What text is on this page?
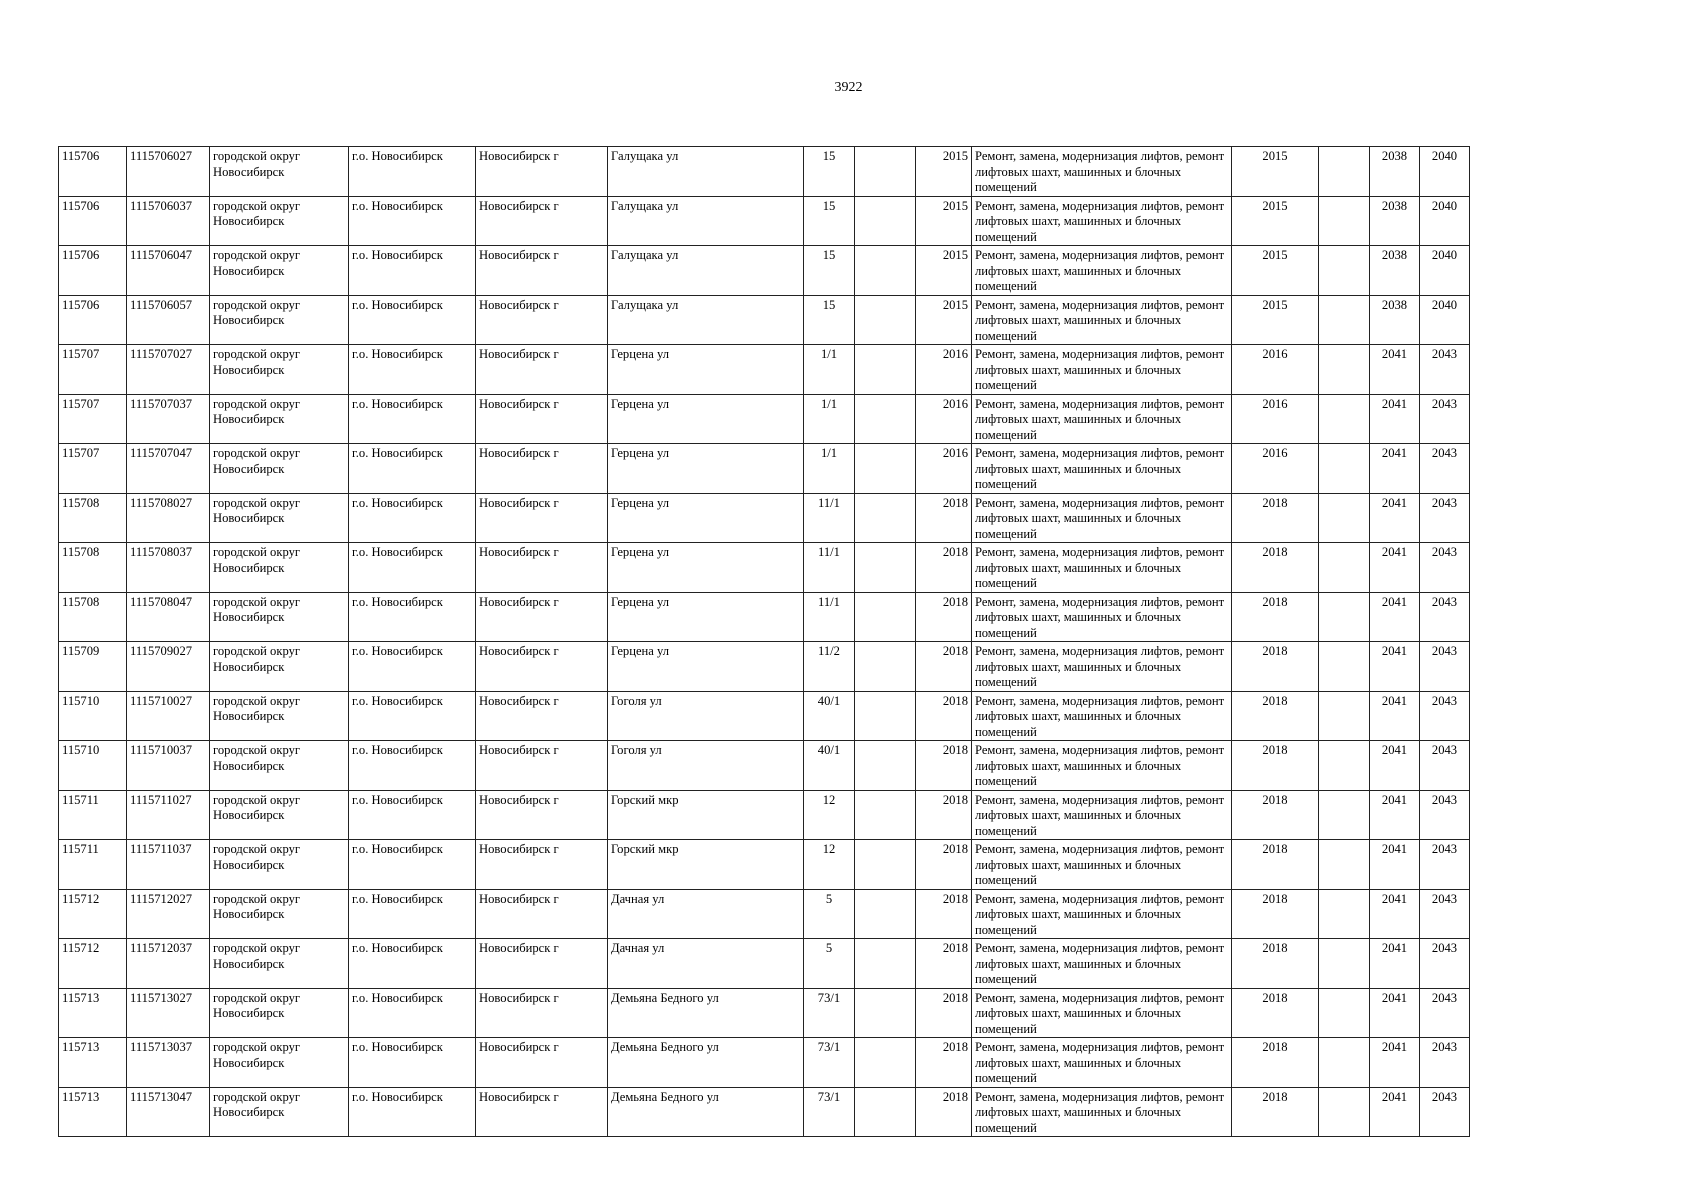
3922
115706	1115706027	городской округ Новосибирск	г.о. Новосибирск	Новосибирск г	Галущака ул	15		2015	Ремонт, замена, модернизация лифтов, ремонт лифтовых шахт, машинных и блочных помещений	2015		2038	2040
115706	1115706037	городской округ Новосибирск	г.о. Новосибирск	Новосибирск г	Галущака ул	15		2015	Ремонт, замена, модернизация лифтов, ремонт лифтовых шахт, машинных и блочных помещений	2015		2038	2040
115706	1115706047	городской округ Новосибирск	г.о. Новосибирск	Новосибирск г	Галущака ул	15		2015	Ремонт, замена, модернизация лифтов, ремонт лифтовых шахт, машинных и блочных помещений	2015		2038	2040
115706	1115706057	городской округ Новосибирск	г.о. Новосибирск	Новосибирск г	Галущака ул	15		2015	Ремонт, замена, модернизация лифтов, ремонт лифтовых шахт, машинных и блочных помещений	2015		2038	2040
115707	1115707027	городской округ Новосибирск	г.о. Новосибирск	Новосибирск г	Герцена ул	1/1		2016	Ремонт, замена, модернизация лифтов, ремонт лифтовых шахт, машинных и блочных помещений	2016		2041	2043
115707	1115707037	городской округ Новосибирск	г.о. Новосибирск	Новосибирск г	Герцена ул	1/1		2016	Ремонт, замена, модернизация лифтов, ремонт лифтовых шахт, машинных и блочных помещений	2016		2041	2043
115707	1115707047	городской округ Новосибирск	г.о. Новосибирск	Новосибирск г	Герцена ул	1/1		2016	Ремонт, замена, модернизация лифтов, ремонт лифтовых шахт, машинных и блочных помещений	2016		2041	2043
115708	1115708027	городской округ Новосибирск	г.о. Новосибирск	Новосибирск г	Герцена ул	11/1		2018	Ремонт, замена, модернизация лифтов, ремонт лифтовых шахт, машинных и блочных помещений	2018		2041	2043
115708	1115708037	городской округ Новосибирск	г.о. Новосибирск	Новосибирск г	Герцена ул	11/1		2018	Ремонт, замена, модернизация лифтов, ремонт лифтовых шахт, машинных и блочных помещений	2018		2041	2043
115708	1115708047	городской округ Новосибирск	г.о. Новосибирск	Новосибирск г	Герцена ул	11/1		2018	Ремонт, замена, модернизация лифтов, ремонт лифтовых шахт, машинных и блочных помещений	2018		2041	2043
115709	1115709027	городской округ Новосибирск	г.о. Новосибирск	Новосибирск г	Герцена ул	11/2		2018	Ремонт, замена, модернизация лифтов, ремонт лифтовых шахт, машинных и блочных помещений	2018		2041	2043
115710	1115710027	городской округ Новосибирск	г.о. Новосибирск	Новосибирск г	Гоголя ул	40/1		2018	Ремонт, замена, модернизация лифтов, ремонт лифтовых шахт, машинных и блочных помещений	2018		2041	2043
115710	1115710037	городской округ Новосибирск	г.о. Новосибирск	Новосибирск г	Гоголя ул	40/1		2018	Ремонт, замена, модернизация лифтов, ремонт лифтовых шахт, машинных и блочных помещений	2018		2041	2043
115711	1115711027	городской округ Новосибирск	г.о. Новосибирск	Новосибирск г	Горский мкр	12		2018	Ремонт, замена, модернизация лифтов, ремонт лифтовых шахт, машинных и блочных помещений	2018		2041	2043
115711	1115711037	городской округ Новосибирск	г.о. Новосибирск	Новосибирск г	Горский мкр	12		2018	Ремонт, замена, модернизация лифтов, ремонт лифтовых шахт, машинных и блочных помещений	2018		2041	2043
115712	1115712027	городской округ Новосибирск	г.о. Новосибирск	Новосибирск г	Дачная ул	5		2018	Ремонт, замена, модернизация лифтов, ремонт лифтовых шахт, машинных и блочных помещений	2018		2041	2043
115712	1115712037	городской округ Новосибирск	г.о. Новосибирск	Новосибирск г	Дачная ул	5		2018	Ремонт, замена, модернизация лифтов, ремонт лифтовых шахт, машинных и блочных помещений	2018		2041	2043
115713	1115713027	городской округ Новосибирск	г.о. Новосибирск	Новосибирск г	Демьяна Бедного ул	73/1		2018	Ремонт, замена, модернизация лифтов, ремонт лифтовых шахт, машинных и блочных помещений	2018		2041	2043
115713	1115713037	городской округ Новосибирск	г.о. Новосибирск	Новосибирск г	Демьяна Бедного ул	73/1		2018	Ремонт, замена, модернизация лифтов, ремонт лифтовых шахт, машинных и блочных помещений	2018		2041	2043
115713	1115713047	городской округ Новосибирск	г.о. Новосибирск	Новосибирск г	Демьяна Бедного ул	73/1		2018	Ремонт, замена, модернизация лифтов, ремонт лифтовых шахт, машинных и блочных помещений	2018		2041	2043
